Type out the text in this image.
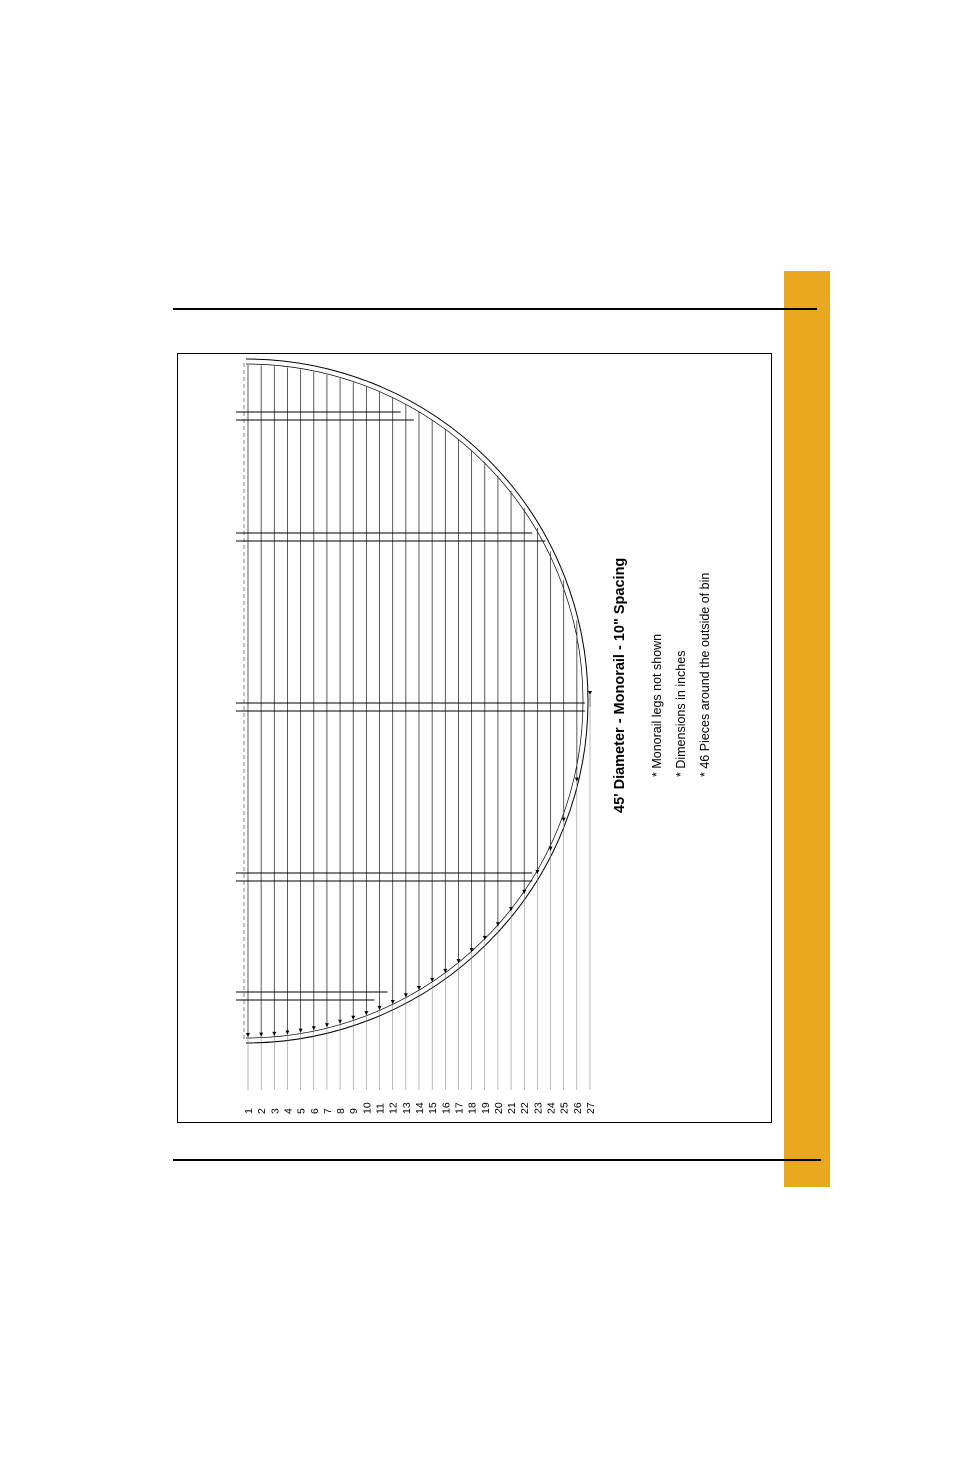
1 2 3 4 5 6 7 8 9 10 11 12 13 14 15 16 17 18 19 20 21 22 23 24 25 26 27
45' Diameter - Monorail - 10" Spacing * Monorail legs not shown * Dimensions in inches * 46 Pieces around the outside of bin
